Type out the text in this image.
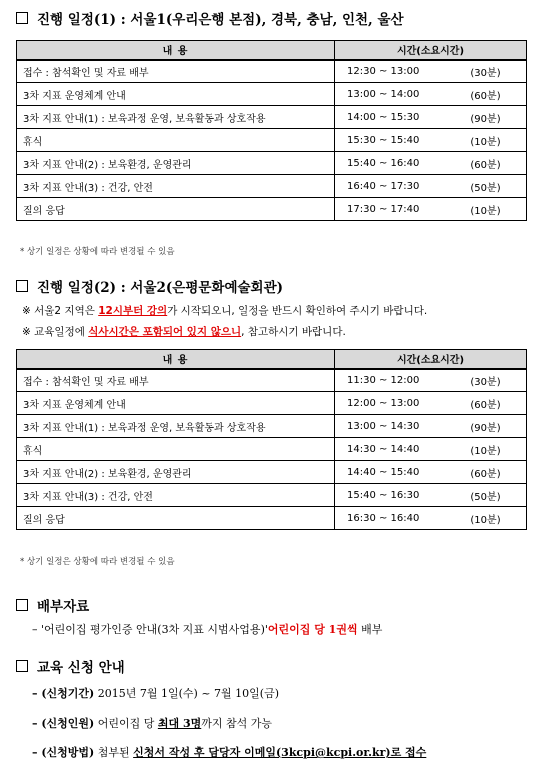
진행 일정(1) : 서울1(우리은행 본점), 경북, 충남, 인천, 울산
내 용	시간(소요시간)
접수 : 참석확인 및 자료 배부	12:30 ~ 13:00 (30분)

3차 지표 운영체계 안내	13:00 ~ 14:00 (60분)

3차 지표 안내(1) : 보육과정 운영, 보육활동과 상호작용	14:00 ~ 15:30 (90분)

휴식	15:30 ~ 15:40 (10분)

3차 지표 안내(2) : 보육환경, 운영관리	15:40 ~ 16:40 (60분)

3차 지표 안내(3) : 건강, 안전	16:40 ~ 17:30 (50분)

질의 응답	17:30 ~ 17:40 (10분)
* 상기 일정은 상황에 따라 변경될 수 있음
진행 일정(2) : 서울2(은평문화예술회관)
※ 서울2 지역은 12시부터 강의가 시작되오니, 일정을 반드시 확인하여 주시기 바랍니다.
※ 교육일정에 식사시간은 포함되어 있지 않으니, 참고하시기 바랍니다.
내 용	시간(소요시간)
접수 : 참석확인 및 자료 배부	11:30 ~ 12:00 (30분)

3차 지표 운영체계 안내	12:00 ~ 13:00 (60분)

3차 지표 안내(1) : 보육과정 운영, 보육활동과 상호작용	13:00 ~ 14:30 (90분)

휴식	14:30 ~ 14:40 (10분)

3차 지표 안내(2) : 보육환경, 운영관리	14:40 ~ 15:40 (60분)

3차 지표 안내(3) : 건강, 안전	15:40 ~ 16:30 (50분)

질의 응답	16:30 ~ 16:40 (10분)
* 상기 일정은 상황에 따라 변경될 수 있음
배부자료
– '어린이집 평가인증 안내(3차 지표 시범사업용)'어린이집 당 1권씩 배부
교육 신청 안내
– (신청기간) 2015년 7월 1일(수) ~ 7월 10일(금)
– (신청인원) 어린이집 당 최대 3명까지 참석 가능
– (신청방법) 첨부된 신청서 작성 후 담당자 이메일(3kcpi@kcpi.or.kr)로 접수
